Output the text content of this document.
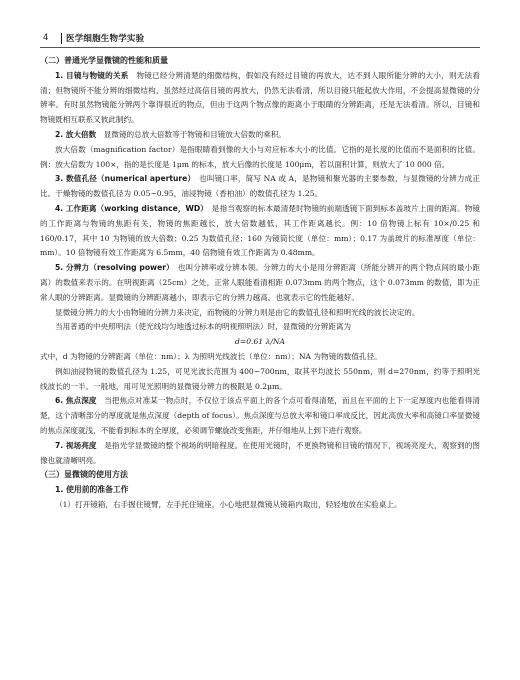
4	医学细胞生物学实验
（二）普通光学显微镜的性能和质量
1. 目镜与物镜的关系　 物镜已经分辨清楚的细微结构，假如没有经过目镜的再放大，达不到人眼所能分辨的大小，则无法看清；但物镜所不能分辨的细微结构，虽然经过高倍目镜的再放大，仍然无法看清，所以目镜只能起放大作用，不会提高显微镜的分辨率。有时虽然物镜能分辨两个靠得很近的物点，但由于这两个物点像的距离小于眼睛的分辨距离，还是无法看清。所以，目镜和物镜既相互联系又彼此制约。
2. 放大倍数　 显微镜的总放大倍数等于物镜和目镜放大倍数的乘积。
放大倍数（magnification factor）是指眼睛看到像的大小与对应标本大小的比值。它指的是长度的比值而不是面积的比值。例：放大倍数为 100×，指的是长度是 1μm 的标本，放大后像的长度是 100μm，若以面积计算，则放大了 10 000 倍。
3. 数值孔径（numerical aperture）　 也叫镜口率，简写 NA 或 A，是物镜和聚光器的主要参数，与显微镜的分辨力成正比。干燥物镜的数值孔径为 0.05~0.95，油浸物镜（香柏油）的数值孔径为 1.25。
4. 工作距离（working distance，WD）　 是指当观察的标本最清楚时物镜的前端透镜下面到标本盖玻片上面的距离。物镜的工作距离与物镜的焦距有关，物镜的焦距越长，放大倍数越低，其工作距离越长。例：10 倍物镜上标有 10×/0.25 和 160/0.17，其中 10 为物镜的放大倍数；0.25 为数值孔径；160 为镜筒长度（单位：mm）；0.17 为盖玻片的标准厚度（单位：mm）。10 倍物镜有效工作距离为 6.5mm，40 倍物镜有效工作距离为 0.48mm。
5. 分辨力（resolving power）　 也叫分辨率或分辨本领。分辨力的大小是用分辨距离（所能分辨开的两个物点间的最小距离）的数值来表示的。在明视距离（25cm）之处，正常人眼能看清相距 0.073mm 的两个物点，这个 0.073mm 的数值，即为正常人眼的分辨距离。显微镜的分辨距离越小，即表示它的分辨力越高，也就表示它的性能越好。
显微镜分辨力的大小由物镜的分辨力来决定，而物镜的分辨力则是由它的数值孔径和照明光线的波长决定的。
当用普通的中央照明法（使光线均匀地透过标本的明视照明法）时，显微镜的分辨距离为
d=0.61 λ/NA
式中，d 为物镜的分辨距离（单位：nm）；λ 为照明光线波长（单位：nm）；NA 为物镜的数值孔径。
例如油浸物镜的数值孔径为 1.25，可见光波长范围为 400~700nm，取其平均波长 550nm，则 d=270nm，约等于照明光线波长的一半。一般地，用可见光照明的显微镜分辨力的极限是 0.2μm。
6. 焦点深度　 当把焦点对准某一物点时，不仅位于该点平面上的各个点可看得清楚，而且在平面的上下一定厚度内也能看得清楚，这个清晰部分的厚度就是焦点深度（depth of focus）。焦点深度与总放大率和镜口率成反比，因此高放大率和高镜口率显微镜的焦点深度就浅，不能看到标本的全厚度，必须调节螺旋改变焦距，并仔细地从上到下进行观察。
7. 视场亮度　 是指光学显微镜的整个视场的明暗程度。在使用光镜时，不更换物镜和目镜的情况下，视场亮度大，观察到的图像也就清晰明亮。
（三）显微镜的使用方法
1. 使用前的准备工作
（1）打开镜箱，右手握住镜臂，左手托住镜座，小心地把显微镜从镜箱内取出，轻轻地放在实验桌上。
